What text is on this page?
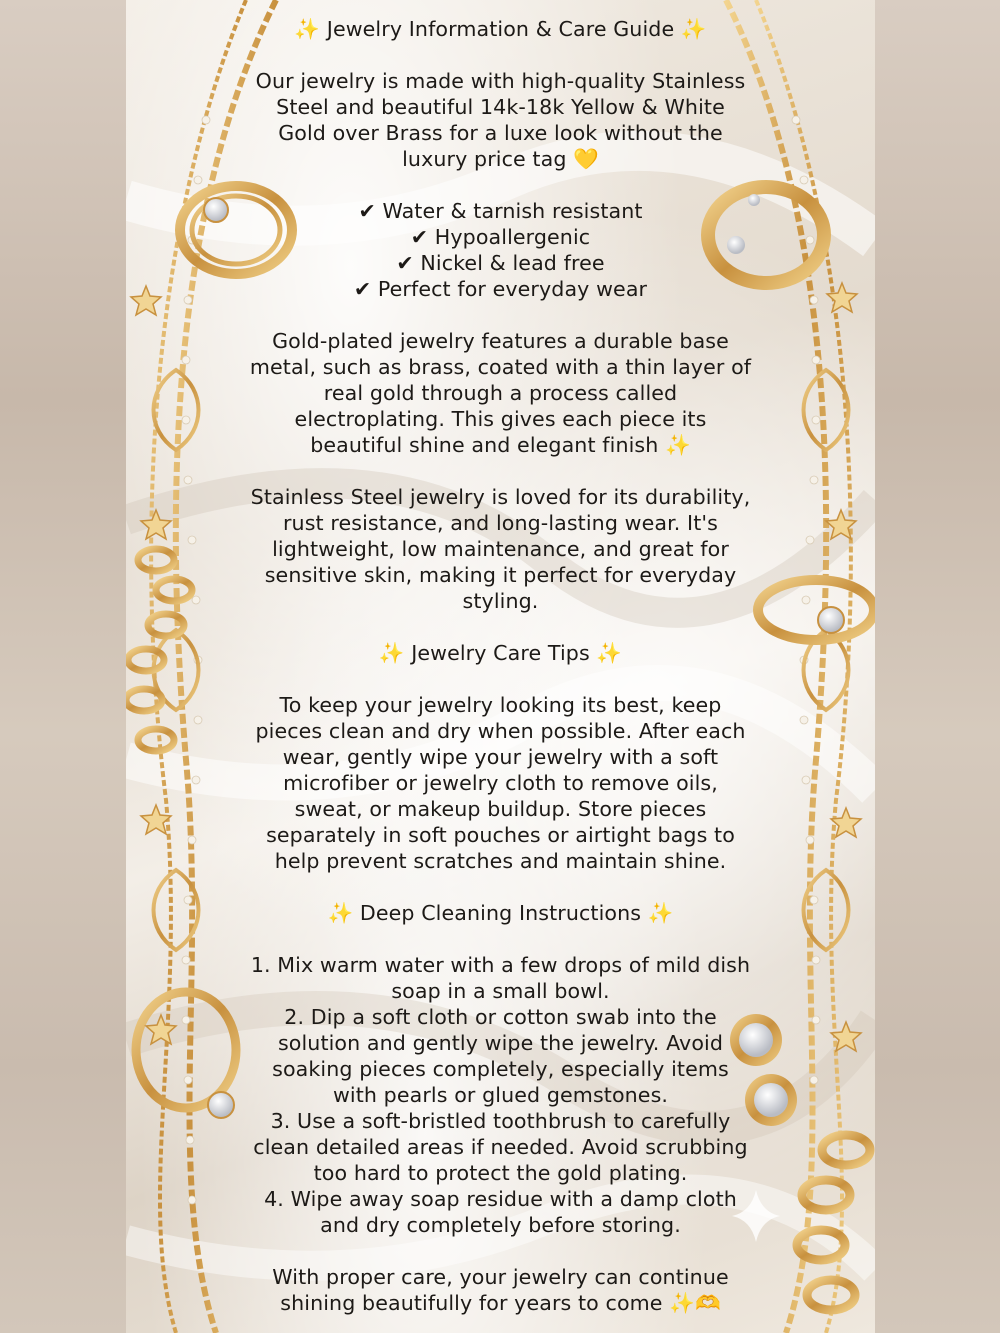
✨ Jewelry Information & Care Guide ✨

Our jewelry is made with high-quality Stainless

Steel and beautiful 14k-18k Yellow & White

Gold over Brass for a luxe look without the

luxury price tag 💛

✔ Water & tarnish resistant

✔ Hypoallergenic

✔ Nickel & lead free

✔ Perfect for everyday wear

Gold-plated jewelry features a durable base

metal, such as brass, coated with a thin layer of

real gold through a process called

electroplating. This gives each piece its

beautiful shine and elegant finish ✨

Stainless Steel jewelry is loved for its durability,

rust resistance, and long-lasting wear. It's

lightweight, low maintenance, and great for

sensitive skin, making it perfect for everyday

styling.

✨ Jewelry Care Tips ✨

To keep your jewelry looking its best, keep

pieces clean and dry when possible. After each

wear, gently wipe your jewelry with a soft

microfiber or jewelry cloth to remove oils,

sweat, or makeup buildup. Store pieces

separately in soft pouches or airtight bags to

help prevent scratches and maintain shine.

✨ Deep Cleaning Instructions ✨

1. Mix warm water with a few drops of mild dish

soap in a small bowl.

2. Dip a soft cloth or cotton swab into the

solution and gently wipe the jewelry. Avoid

soaking pieces completely, especially items

with pearls or glued gemstones.

3. Use a soft-bristled toothbrush to carefully

clean detailed areas if needed. Avoid scrubbing

too hard to protect the gold plating.

4. Wipe away soap residue with a damp cloth

and dry completely before storing.

With proper care, your jewelry can continue

shining beautifully for years to come ✨🫶
